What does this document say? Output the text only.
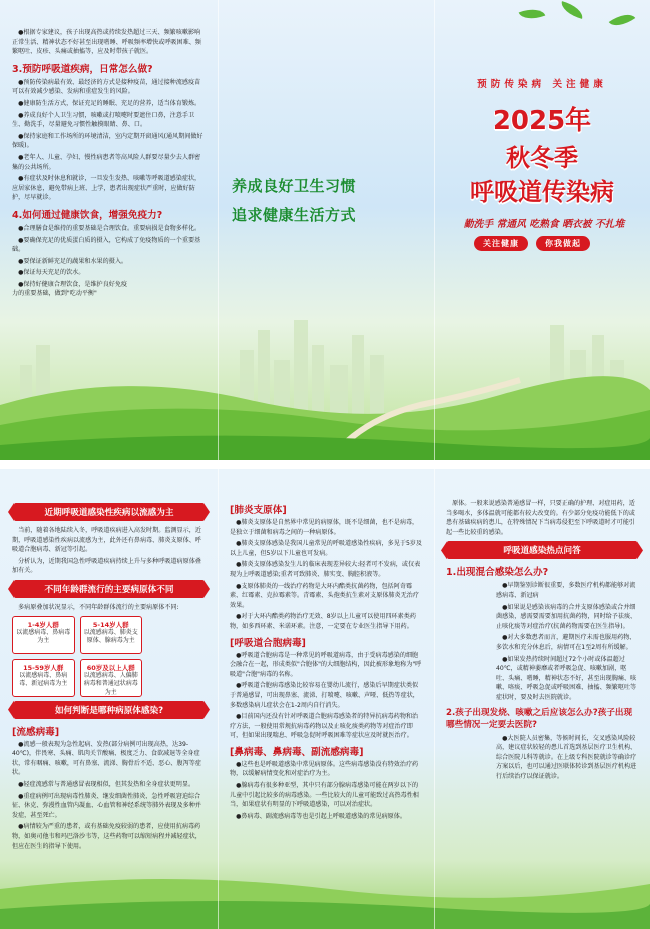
●根据专家建议，孩子出现高热或持续发热超过三天、频繁咳嗽影响正常生活、精神状态不好甚至出现嗜睡、呼吸频率增快或呼吸困难、频繁呕吐、皮疹、头痛或抽搐等，应及时带孩子就医。

3.预防呼吸道疾病，日常怎么做?

●预防传染病最有效、最经济的方式是接种疫苗，通过接种流感疫苗可以有效减少感染、发病和重症发生的风险。

●健康防生活方式，保证充足的睡眠、充足的营养，适当体育锻炼。

●养成良好个人卫生习惯，咳嗽或打喷嚏时要遮住口鼻，注意手卫生、勤洗手，尽量避免习惯性触摸眼睛、鼻、口。

●保持家庭和工作场所的环境清洁，室内定期开窗通风(通风期间做好保暖)。

●老年人、儿童、孕妇、慢性病患者等高风险人群要尽量少去人群密集的公共场所。

●有症状及时休息和就诊，一旦发生发热、咳嗽等呼吸道感染症状，应居家休息，避免带病上班、上学，患者出现症状严重时，应做好防护，尽早就诊。

4.如何通过健康饮食，增强免疫力?

●合理膳食是维持的重要基础是合理饮食。重要病损是食物多样化。

●要确保充足的优质蛋白质的摄入，它构成了免疫物质的一个重要基础。

●要保证新鲜充足的蔬果和水果的摄入。

●保证每天充足的饮水。

●保持好健康合理饮食，是维护良好免疫力的重要基础，做到"吃动平衡"

养成良好卫生习惯
追求健康生活方式
预防传染病 关注健康
2025年
秋冬季
呼吸道传染病
勤洗手 常通风 吃熟食 晒衣被 不扎堆
关注健康	你我做起
近期呼吸道感染性疾病以流感为主

当前，随着各地陆续入冬，呼吸道疾病进入高发时期。监测显示，近期，呼吸道感染性疾病以流感为主，此外还有鼻病毒、肺炎支原体、呼吸道合胞病毒、新冠等引起。

分析认为，近期我国急性呼吸道疾病持续上升与多种呼吸道病原体叠加有关。

不同年龄群流行的主要病原体不同

多病原叠加状况显示，不同年龄群体流行的主要病原体不同:

1-4岁人群
以流感病毒、鼻病毒为主
5-14岁人群
以流感病毒、肺炎支原体、腺病毒为主
15-59岁人群
以流感病毒、鼻病毒、新冠病毒为主
60岁及以上人群
以流感病毒、人偏肺病毒和普通冠状病毒为主
如何判断是哪种病原体感染?
[流感病毒]

●流感一般表现为急性起病、发热(部分病例可出现高热，达39-40℃)，伴畏寒、头痛、肌肉关节酸痛、极度乏力、食欲减退等全身症状，常有咽痛、咳嗽，可有鼻塞、流涕、胸骨后不适、恶心、腹泻等症状。

●轻症流感常与普通感冒表现相似，但其发热和全身症状更明显。

●重症病例可出现病毒性肺炎、继发细菌性肺炎、急性呼吸窘迫综合征、休克、弥漫性血管内凝血、心血管和神经系统等肺外表现及多种并发症，甚至死亡。

●病情较为严重的患者，或有基础免疫较弱的患者，应使用抗病毒药物，如奥司他韦和玛巴洛沙韦等，这些药物可以缩短病程并减轻症状，但应在医生的指导下使用。

[肺炎支原体]

●肺炎支原体是自然界中常见的病原体，既不是细菌，也不是病毒，是独立于细菌和病毒之间的一种病原体。

●肺炎支原体感染是我国儿童常见的呼吸道感染性疾病，多见于5岁及以上儿童，但5岁以下儿童也可发病。

●肺炎支原体感染发生儿的临床表现差异较大:轻者可不发病，或仅表现为上呼吸道感染;重者可致肺炎、肺实变、胸腔积液等。

●支原体肺炎的一线治疗药物是大环内酯类抗菌药物，包括阿奇霉素、红霉素、克拉霉素等。青霉素、头孢类抗生素对支原体肺炎无治疗效果。

●对于大环内酯类药物治疗无效、8岁以上儿童可以使用四环素类药物，如多西环素、米诺环素。注意，一定要在专业医生指导下用药。

[呼吸道合胞病毒]

●呼吸道合胞病毒是一种常见的呼吸道病毒，由于受病毒感染的细胞会融合在一起，形成类似"合胞体"的大细胞结构，因此被形象地称为"呼吸道"合胞"病毒的名称。

●呼吸道合胞病毒感染比较容易在婴幼儿流行，感染后早期症状类似于普通感冒，可出现鼻塞、流涕、打喷嚏、咳嗽、声哑、低热等症状，多数感染病儿症状会在1-2周内自行消失。

●目前国内还没有针对呼吸道合胞病毒感染者的特异抗病毒药物和治疗方法，一般使用常规抗病毒药物以及止咳化痰类药物等对症治疗即可，但如果出现喘息、呼吸急促时呼吸困难等症状应及时就医治疗。

[鼻病毒、鼻病毒、副流感病毒]

●这些也是呼吸道感染中常见病原体。这些病毒感染没有特效治疗药物，以缓解病情变化和对症治疗为主。

●腺病毒有很多种亚型，其中只有部分腺病毒感染可能在两岁以下的儿童中引起比较多的病毒感染。一些比较大的儿童可能致过高热毒性相当，如果症状有明显的下呼吸道感染，可以对治症状。

●鼻病毒、副流感病毒等也是引起上呼吸道感染的常见病原体。

原体。一般来说感染普通感冒一样，只要正确的护理、对症用药，适当多喝水，多体温就可能都有较大改变的。有少部分免疫功能低下的或患有基础疾病的患儿，在特殊情况下当病毒侵犯至下呼吸道时才可能引起一些比较重的感染。

呼吸道感染热点问答
1.出现混合感染怎么办?

●早期鉴别诊断很重要，多数医疗机构都能够对流感病毒、新冠病

●如果说是感染该病毒的合并支原体感染或合并细菌感染，感需要需要加用抗菌药物，同时给予祛痰、止咳化痰等对症治疗(抗菌药物需要在医生指导)。

●对大多数患者而言，避期医疗未需也服用药物、多饮水和充分休息后，病情可在1至2周有所缓解。

●如果发热持续时间超过72个小时或体温超过40℃，或精神萎靡或者呼吸急促、咳嗽加剧，呕吐、头痛、嗜睡，精神状态不好，甚至出现胸痛、咳嗽、咯痰、呼吸急促或呼吸困难、抽搐、频繁呕吐等症状时，要及时去医院就诊。

2.孩子出现发烧、咳嗽之后应该怎么办?孩子出现哪些情况一定要去医院?

●大医院人员密集，等候时间长，交叉感染风险较高，建议症状较轻的患儿首选到基层医疗卫生机构、综合医院儿科等就诊。在上级专科医院就诊等确诊疗方案以后，也可以通过医联体转诊到基层医疗机构进行后续治疗以保证就诊。
